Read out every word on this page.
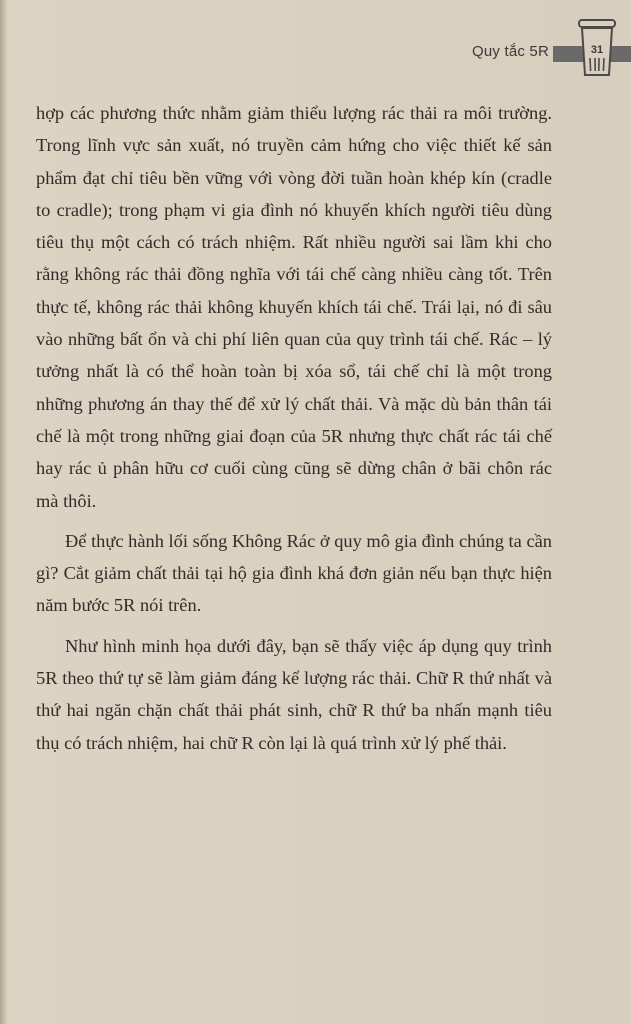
Quy tắc 5R	31

hợp các phương thức nhằm giảm thiểu lượng rác thải ra môi trường. Trong lĩnh vực sản xuất, nó truyền cảm hứng cho việc thiết kế sản phẩm đạt chỉ tiêu bền vững với vòng đời tuần hoàn khép kín (cradle to cradle); trong phạm vi gia đình nó khuyến khích người tiêu dùng tiêu thụ một cách có trách nhiệm. Rất nhiều người sai lầm khi cho rằng không rác thải đồng nghĩa với tái chế càng nhiều càng tốt. Trên thực tế, không rác thải không khuyến khích tái chế. Trái lại, nó đi sâu vào những bất ổn và chi phí liên quan của quy trình tái chế. Rác – lý tưởng nhất là có thể hoàn toàn bị xóa sổ, tái chế chỉ là một trong những phương án thay thế để xử lý chất thải. Và mặc dù bản thân tái chế là một trong những giai đoạn của 5R nhưng thực chất rác tái chế hay rác ủ phân hữu cơ cuối cùng cũng sẽ dừng chân ở bãi chôn rác mà thôi.

Để thực hành lối sống Không Rác ở quy mô gia đình chúng ta cần gì? Cắt giảm chất thải tại hộ gia đình khá đơn giản nếu bạn thực hiện năm bước 5R nói trên.

Như hình minh họa dưới đây, bạn sẽ thấy việc áp dụng quy trình 5R theo thứ tự sẽ làm giảm đáng kể lượng rác thải. Chữ R thứ nhất và thứ hai ngăn chặn chất thải phát sinh, chữ R thứ ba nhấn mạnh tiêu thụ có trách nhiệm, hai chữ R còn lại là quá trình xử lý phế thải.
